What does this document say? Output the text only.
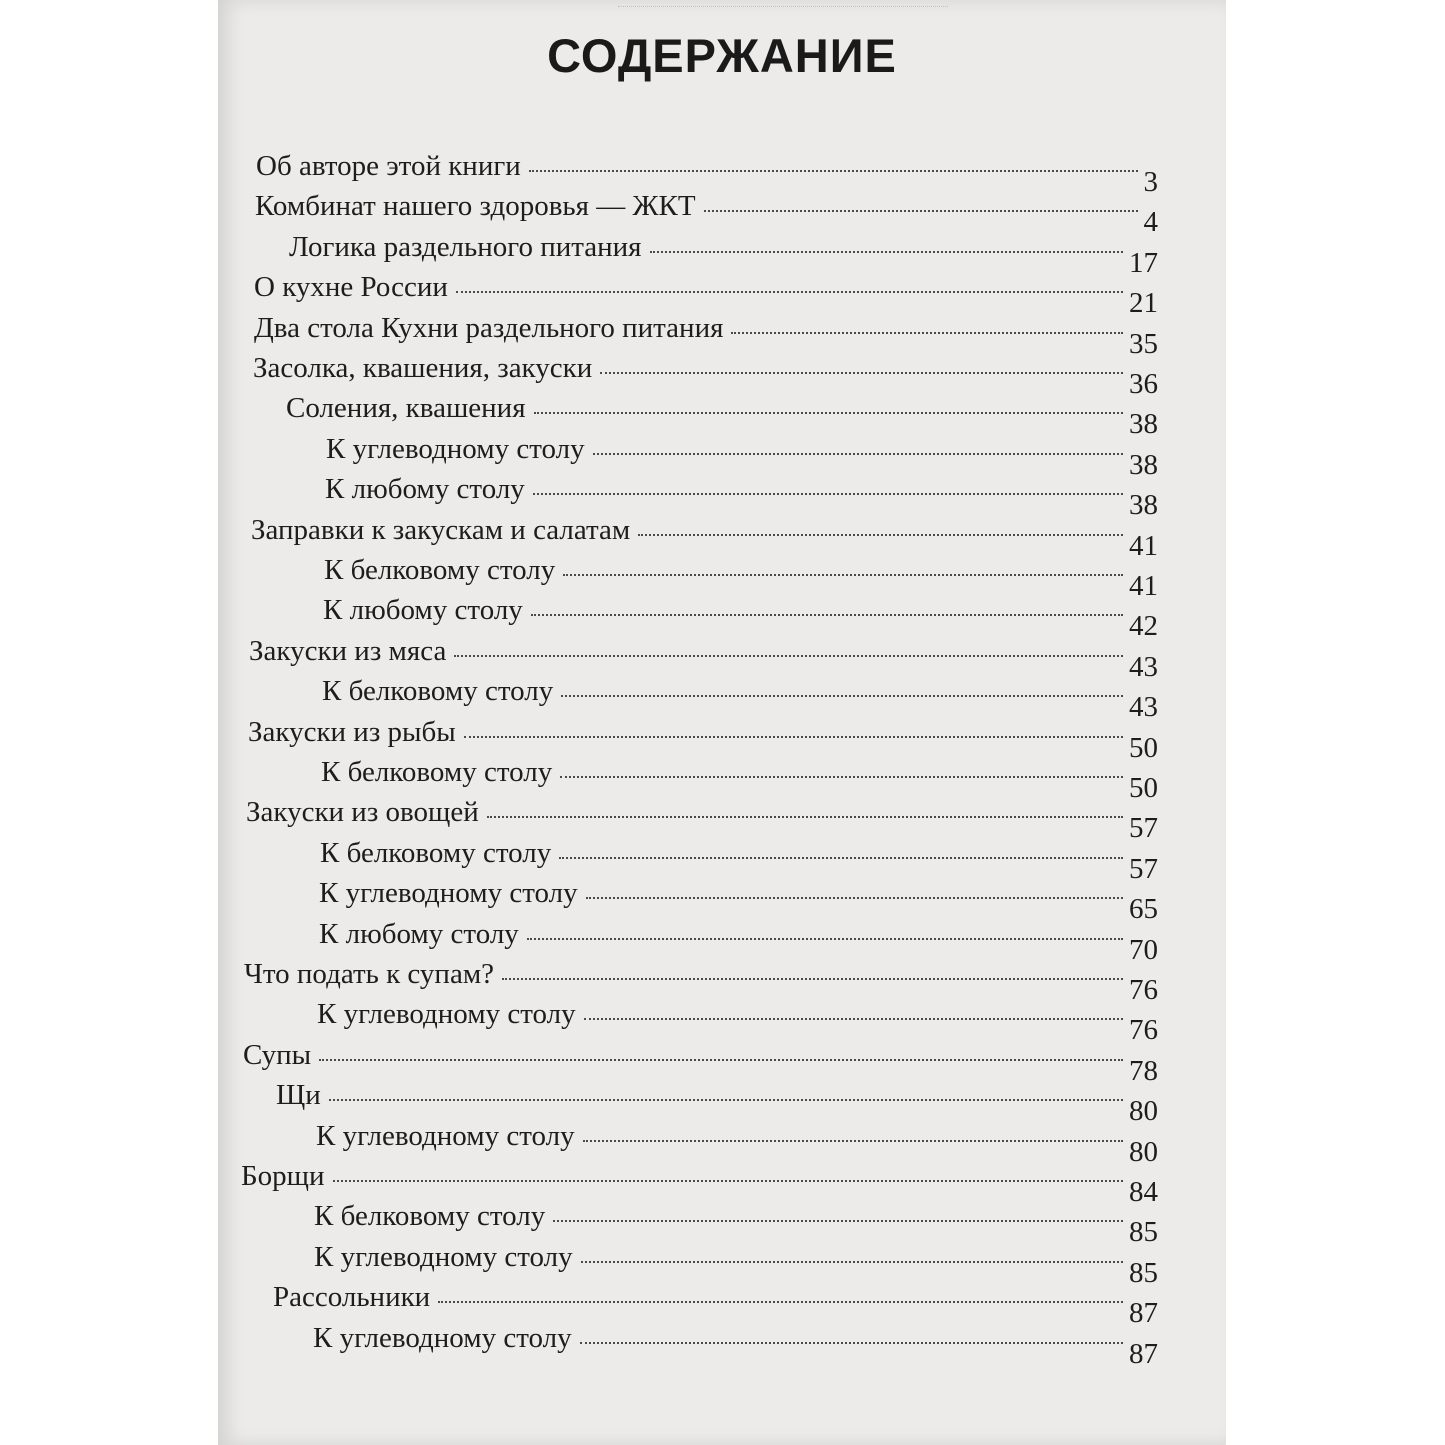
СОДЕРЖАНИЕ
Об авторе этой книги	3
Комбинат нашего здоровья — ЖКТ	4
Логика раздельного питания	17
О кухне России	21
Два стола Кухни раздельного питания	35
Засолка, квашения, закуски	36
Соления, квашения	38
К углеводному столу	38
К любому столу	38
Заправки к закускам и салатам	41
К белковому столу	41
К любому столу	42
Закуски из мяса	43
К белковому столу	43
Закуски из рыбы	50
К белковому столу	50
Закуски из овощей	57
К белковому столу	57
К углеводному столу	65
К любому столу	70
Что подать к супам?	76
К углеводному столу	76
Супы	78
Щи	80
К углеводному столу	80
Борщи	84
К белковому столу	85
К углеводному столу	85
Рассольники	87
К углеводному столу	87
